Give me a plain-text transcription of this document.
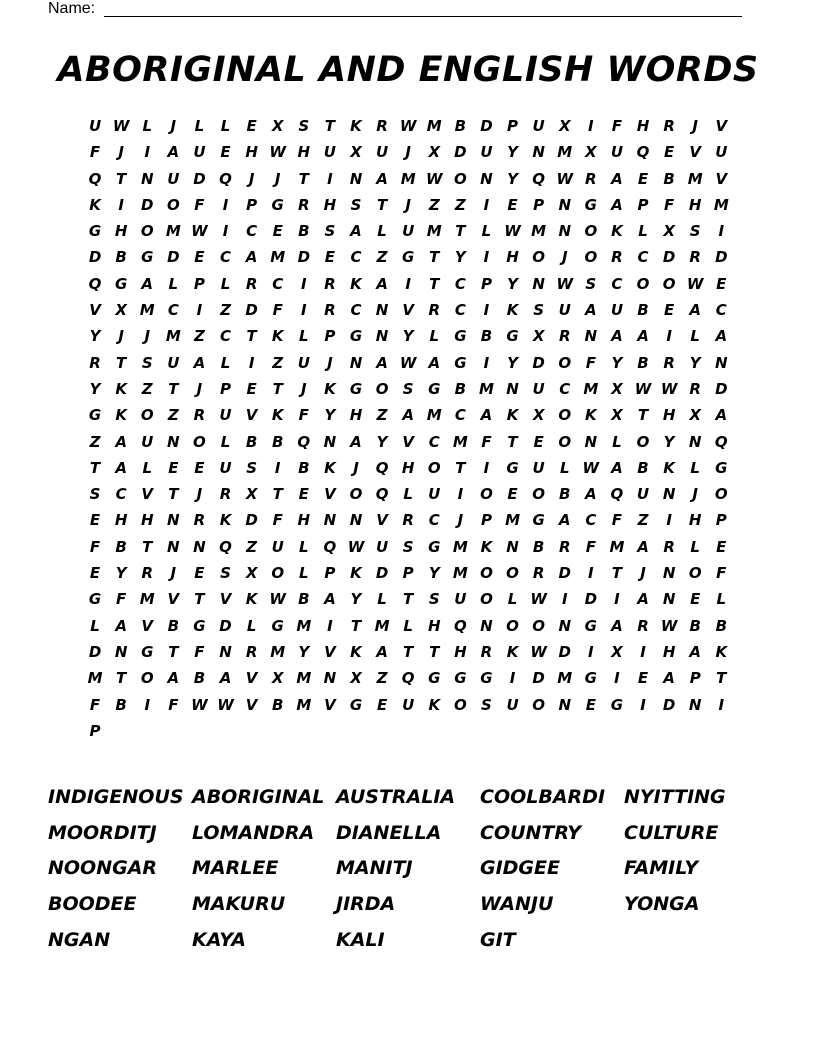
Name:
ABORIGINAL AND ENGLISH WORDS
U W L	J	L	L	E	X S	T	K R W M B D P U X	I	F H R	J	V
F	J	I	A U E H W H U X U	J	X D U Y N M X U Q E	V U
Q T N U D Q	J	J	T	I	N A M W O N Y Q W R A	E	B M V
K	I	D O F	I	P G R H S	T	J	Z	Z	I	E	P N G A P	F H M
G H O M W	I	C	E	B S A	L	U M T	L W M N O K	L	X S	I
D B G D E	C A M D E	C	Z G T	Y	I	H O	J	O R C D R D
Q G A	L	P	L	R C	I	R K A	I	T	C	P	Y N W S	C O O W E
V X M C	I	Z D F	I	R C N V R C	I	K S U A U B	E	A C
Y	J	J	M Z	C	T	K	L	P G N Y	L	G B G X R N A A	I	L	A
R	T	S U A	L	I	Z U	J	N A W A G	I	Y D O F	Y B R Y N
Y K Z	T	J	P	E	T	J	K G O S G B M N U C M X W W R D
G K O Z R U V K	F	Y H Z A M C A K X O K X	T H X A
Z A U N O L	B B Q N A Y V C M F	T	E O N	L O Y N Q
T	A	L	E	E U S	I	B K	J	Q H O T	I	G U	L W A B K	L	G
S	C V	T	J	R X	T	E	V O Q L	U	I	O E O B A Q U N	J	O
E H H N R K D F H N N V R C	J	P M G A C	F	Z	I	H P
F	B	T N N Q Z U	L Q W U S G M K N B R	F M A R	L	E
E	Y R	J	E	S X O L	P K D P	Y M O O R D	I	T	J	N O F
G F M V	T	V K W B A Y	L	T	S U O L W	I	D	I	A N E	L
L	A V B G D	L	G M	I	T M L	H Q N O O N G A R W B B
D N G T	F N R M Y V K A	T	T H R K W D	I	X	I	H A K
M T O A B A V X M N X Z Q G G G	I	D M G	I	E	A P	T
F	B	I	F W W V B M V G E U K O S U O N E G	I	D N	I
P
INDIGENOUS ABORIGINAL AUSTRALIA	COOLBARDI NYITTING
MOORDITJ	LOMANDRA	DIANELLA	COUNTRY	CULTURE
NOONGAR	MARLEE	MANITJ	GIDGEE	FAMILY
BOODEE	MAKURU	JIRDA	WANJU	YONGA
NGAN	KAYA	KALI	GIT
